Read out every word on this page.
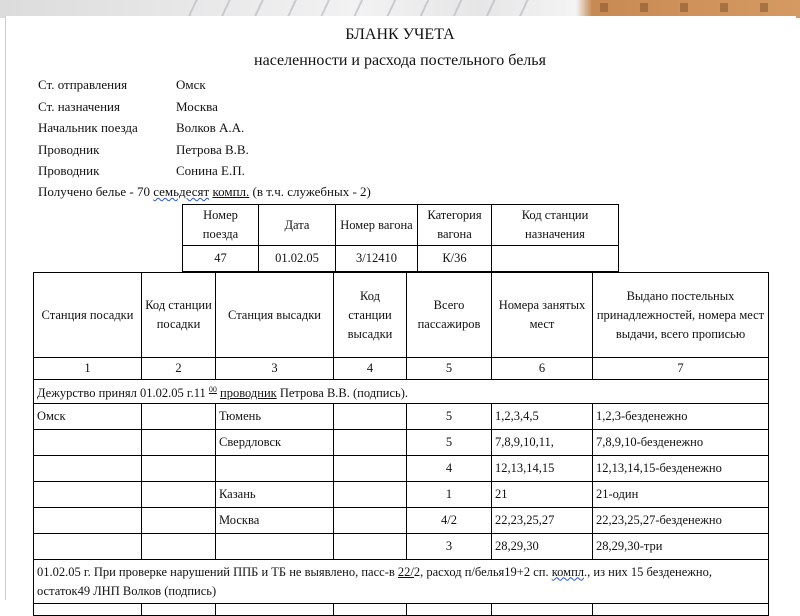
БЛАНК УЧЕТА
населенности и расхода постельного белья
Ст. отправления	Омск
Ст. назначения	Москва
Начальник поезда	Волков А.А.
Проводник	Петрова В.В.
Проводник	Сонина Е.П.
Получено белье - 70 семьдесят компл. (в т.ч. служебных - 2)
Номер поезда	Дата	Номер вагона	Категория вагона	Код станции назначения
47	01.02.05	3/12410	К/36	
Станция посадки	Код станции посадки	Станция высадки	Код станции высадки	Всего пассажиров	Номера занятых мест	Выдано постельных принадлежностей, номера мест выдачи, всего прописью
1	2	3	4	5	6	7
Дежурство принял 01.02.05 г.11 $^{00}$ проводник Петрова В.В. (подпись).						
Омск		Тюмень		5	1,2,3,4,5	1,2,3-безденежно
		Свердловск		5	7,8,9,10,11,	7,8,9,10-безденежно
				4	12,13,14,15	12,13,14,15-безденежно
		Казань		1	21	21-один
		Москва		4/2	22,23,25,27	22,23,25,27-безденежно
				3	28,29,30	28,29,30-три
01.02.05 г. При проверке нарушений ППБ и ТБ не выявлено, пасс-в 22/2, расход п/белья19+2 сп. компл., из них 15 безденежно,
остаток49 ЛНП Волков (подпись)						
